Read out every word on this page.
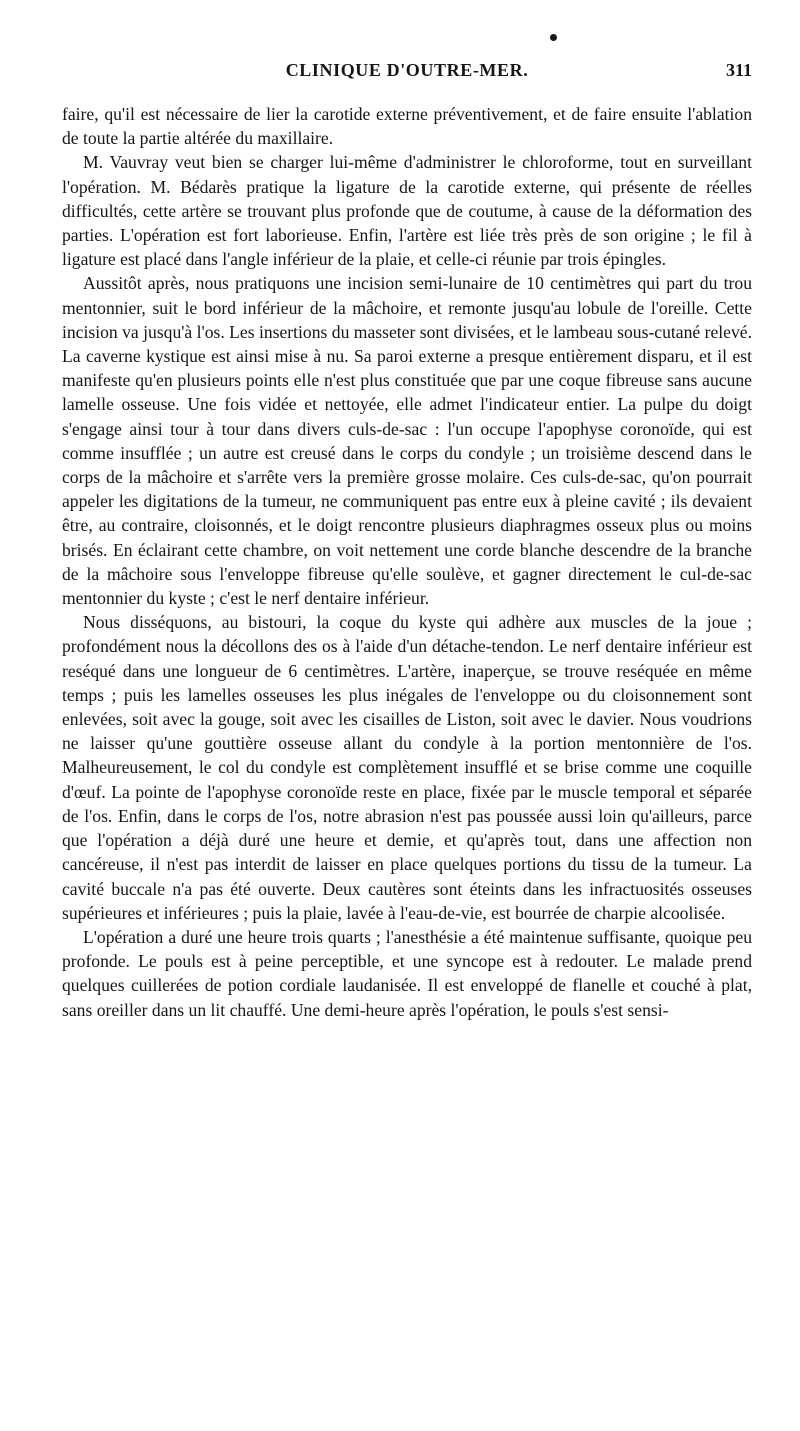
CLINIQUE D'OUTRE-MER.	311

faire, qu'il est nécessaire de lier la carotide externe préventivement, et de faire ensuite l'ablation de toute la partie altérée du maxillaire.

M. Vauvray veut bien se charger lui-même d'administrer le chloroforme, tout en surveillant l'opération. M. Bédarès pratique la ligature de la carotide externe, qui présente de réelles difficultés, cette artère se trouvant plus profonde que de coutume, à cause de la déformation des parties. L'opération est fort laborieuse. Enfin, l'artère est liée très près de son origine ; le fil à ligature est placé dans l'angle inférieur de la plaie, et celle-ci réunie par trois épingles.

Aussitôt après, nous pratiquons une incision semi-lunaire de 10 centimètres qui part du trou mentonnier, suit le bord inférieur de la mâchoire, et remonte jusqu'au lobule de l'oreille. Cette incision va jusqu'à l'os. Les insertions du masseter sont divisées, et le lambeau sous-cutané relevé. La caverne kystique est ainsi mise à nu. Sa paroi externe a presque entièrement disparu, et il est manifeste qu'en plusieurs points elle n'est plus constituée que par une coque fibreuse sans aucune lamelle osseuse. Une fois vidée et nettoyée, elle admet l'indicateur entier. La pulpe du doigt s'engage ainsi tour à tour dans divers culs-de-sac : l'un occupe l'apophyse coronoïde, qui est comme insufflée ; un autre est creusé dans le corps du condyle ; un troisième descend dans le corps de la mâchoire et s'arrête vers la première grosse molaire. Ces culs-de-sac, qu'on pourrait appeler les digitations de la tumeur, ne communiquent pas entre eux à pleine cavité ; ils devaient être, au contraire, cloisonnés, et le doigt rencontre plusieurs diaphragmes osseux plus ou moins brisés. En éclairant cette chambre, on voit nettement une corde blanche descendre de la branche de la mâchoire sous l'enveloppe fibreuse qu'elle soulève, et gagner directement le cul-de-sac mentonnier du kyste ; c'est le nerf dentaire inférieur.

Nous disséquons, au bistouri, la coque du kyste qui adhère aux muscles de la joue ; profondément nous la décollons des os à l'aide d'un détache-tendon. Le nerf dentaire inférieur est reséqué dans une longueur de 6 centimètres. L'artère, inaperçue, se trouve reséquée en même temps ; puis les lamelles osseuses les plus inégales de l'enveloppe ou du cloisonnement sont enlevées, soit avec la gouge, soit avec les cisailles de Liston, soit avec le davier. Nous voudrions ne laisser qu'une gouttière osseuse allant du condyle à la portion mentonnière de l'os. Malheureusement, le col du condyle est complètement insufflé et se brise comme une coquille d'œuf. La pointe de l'apophyse coronoïde reste en place, fixée par le muscle temporal et séparée de l'os. Enfin, dans le corps de l'os, notre abrasion n'est pas poussée aussi loin qu'ailleurs, parce que l'opération a déjà duré une heure et demie, et qu'après tout, dans une affection non cancéreuse, il n'est pas interdit de laisser en place quelques portions du tissu de la tumeur. La cavité buccale n'a pas été ouverte. Deux cautères sont éteints dans les infractuosités osseuses supérieures et inférieures ; puis la plaie, lavée à l'eau-de-vie, est bourrée de charpie alcoolisée.

L'opération a duré une heure trois quarts ; l'anesthésie a été maintenue suffisante, quoique peu profonde. Le pouls est à peine perceptible, et une syncope est à redouter. Le malade prend quelques cuillerées de potion cordiale laudanisée. Il est enveloppé de flanelle et couché à plat, sans oreiller dans un lit chauffé. Une demi-heure après l'opération, le pouls s'est sensi-
